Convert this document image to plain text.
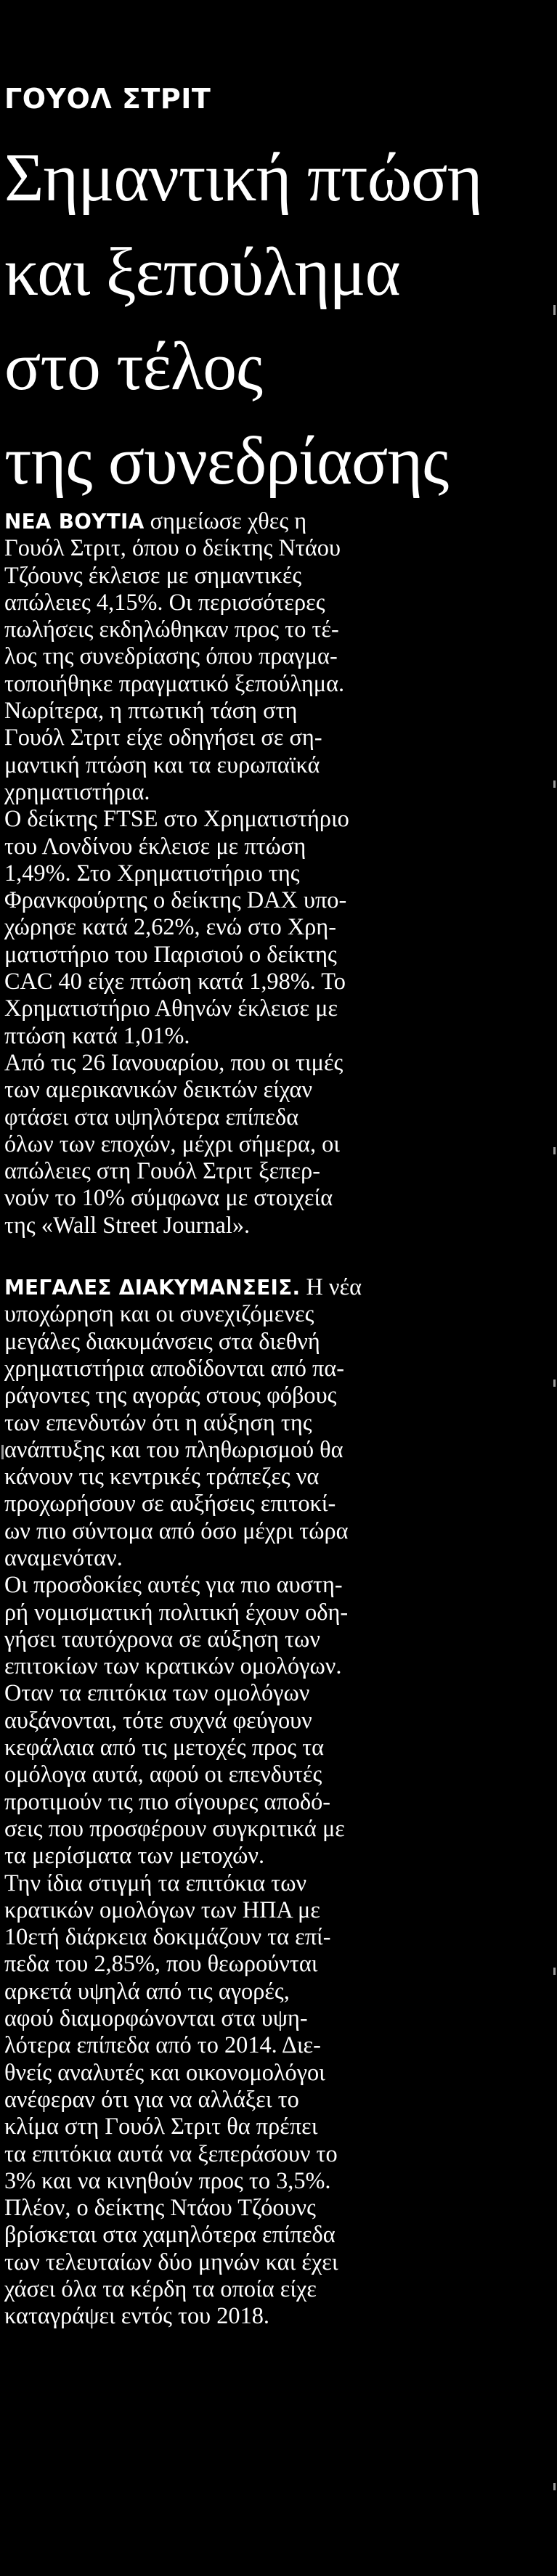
ΓΟΥΟΛ ΣΤΡΙΤ
Σημαντική πτώση
και ξεπούλημα
στο τέλος
της συνεδρίασης
ΝΕΑ ΒΟΥΤΙΑ σημείωσε χθες η
Γουόλ Στριτ, όπου ο δείκτης Ντάου
Τζόουνς έκλεισε με σημαντικές
απώλειες 4,15%. Οι περισσότερες
πωλήσεις εκδηλώθηκαν προς το τέ-
λος της συνεδρίασης όπου πραγμα-
τοποιήθηκε πραγματικό ξεπούλημα.
Νωρίτερα, η πτωτική τάση στη
Γουόλ Στριτ είχε οδηγήσει σε ση-
μαντική πτώση και τα ευρωπαϊκά
χρηματιστήρια.
Ο δείκτης FTSE στο Χρηματιστήριο
του Λονδίνου έκλεισε με πτώση
1,49%. Στο Χρηματιστήριο της
Φρανκφούρτης ο δείκτης DAX υπο-
χώρησε κατά 2,62%, ενώ στο Χρη-
ματιστήριο του Παρισιού ο δείκτης
CAC 40 είχε πτώση κατά 1,98%. Το
Χρηματιστήριο Αθηνών έκλεισε με
πτώση κατά 1,01%.
Από τις 26 Ιανουαρίου, που οι τιμές
των αμερικανικών δεικτών είχαν
φτάσει στα υψηλότερα επίπεδα
όλων των εποχών, μέχρι σήμερα, οι
απώλειες στη Γουόλ Στριτ ξεπερ-
νούν το 10% σύμφωνα με στοιχεία
της «Wall Street Journal».
ΜΕΓΑΛΕΣ ΔΙΑΚΥΜΑΝΣΕΙΣ. Η νέα
υποχώρηση και οι συνεχιζόμενες
μεγάλες διακυμάνσεις στα διεθνή
χρηματιστήρια αποδίδονται από πα-
ράγοντες της αγοράς στους φόβους
των επενδυτών ότι η αύξηση της
ανάπτυξης και του πληθωρισμού θα
κάνουν τις κεντρικές τράπεζες να
προχωρήσουν σε αυξήσεις επιτοκί-
ων πιο σύντομα από όσο μέχρι τώρα
αναμενόταν.
Οι προσδοκίες αυτές για πιο αυστη-
ρή νομισματική πολιτική έχουν οδη-
γήσει ταυτόχρονα σε αύξηση των
επιτοκίων των κρατικών ομολόγων.
Οταν τα επιτόκια των ομολόγων
αυξάνονται, τότε συχνά φεύγουν
κεφάλαια από τις μετοχές προς τα
ομόλογα αυτά, αφού οι επενδυτές
προτιμούν τις πιο σίγουρες αποδό-
σεις που προσφέρουν συγκριτικά με
τα μερίσματα των μετοχών.
Την ίδια στιγμή τα επιτόκια των
κρατικών ομολόγων των ΗΠΑ με
10ετή διάρκεια δοκιμάζουν τα επί-
πεδα του 2,85%, που θεωρούνται
αρκετά υψηλά από τις αγορές,
αφού διαμορφώνονται στα υψη-
λότερα επίπεδα από το 2014. Διε-
θνείς αναλυτές και οικονομολόγοι
ανέφεραν ότι για να αλλάξει το
κλίμα στη Γουόλ Στριτ θα πρέπει
τα επιτόκια αυτά να ξεπεράσουν το
3% και να κινηθούν προς το 3,5%.
Πλέον, ο δείκτης Ντάου Τζόουνς
βρίσκεται στα χαμηλότερα επίπεδα
των τελευταίων δύο μηνών και έχει
χάσει όλα τα κέρδη τα οποία είχε
καταγράψει εντός του 2018.
